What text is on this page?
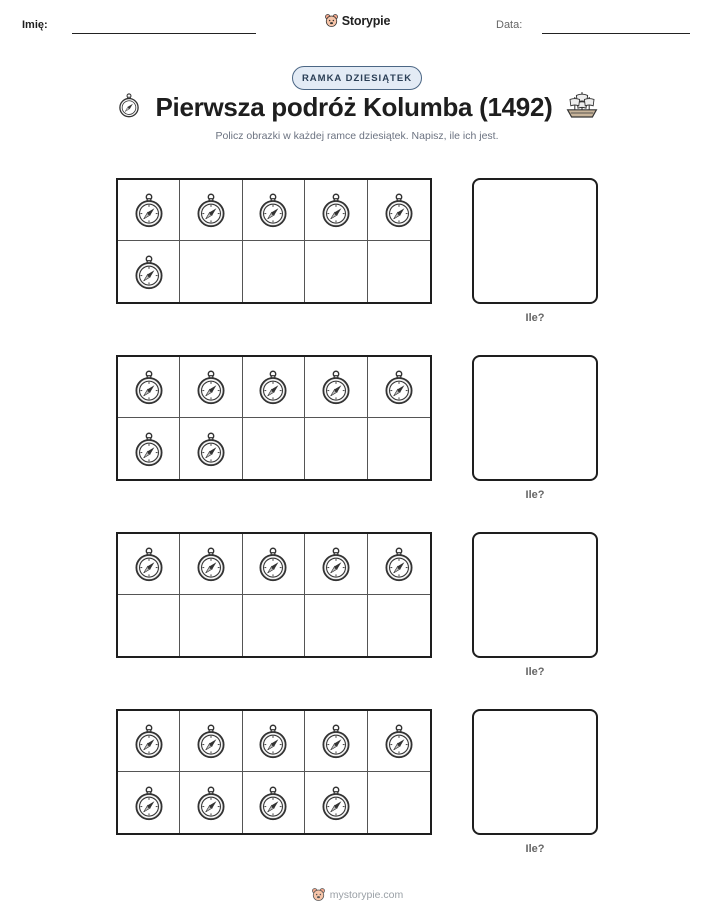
Imię:	Data:
Storypie
RAMKA DZIESIĄTEK
Pierwsza podróż Kolumba (1492)
Policz obrazki w każdej ramce dziesiątek. Napisz, ile ich jest.
Ile?
Ile?
Ile?
Ile?
mystorypie.com
